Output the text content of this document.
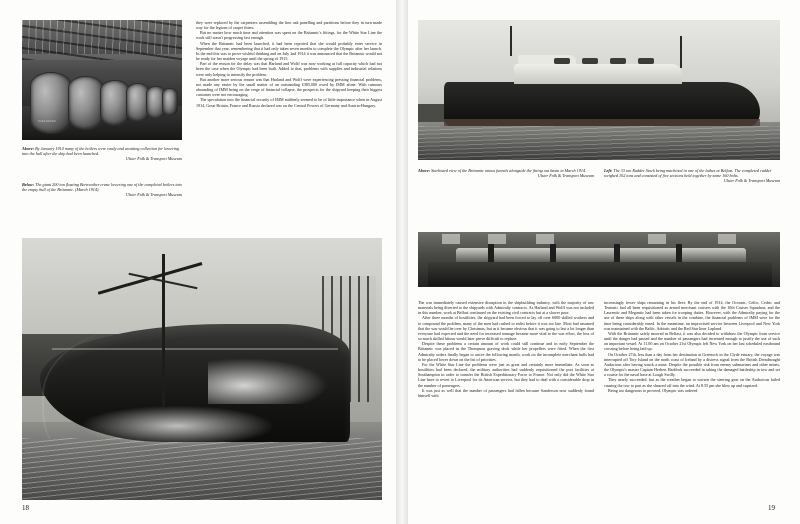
HARLAND&W
Above: By January 1914 many of the boilers were ready and awaiting collection for lowering into the hull after the ship had been launched.
Ulster Folk & Transport Museum
Below: The giant 200 ton floating Bertreather crane lowering one of the completed boilers into the empty hull of the Britannic. (March 1914).
Ulster Folk & Transport Museum

they were replaced by the carpenters assembling the fine oak panelling and partitions before they in turn made way for the legions of carpet fitters.

But no matter how much time and attention was spent on the Britannic's fittings, for the White Star Line the work still wasn't progressing fast enough.

When the Britannic had been launched, it had been reported that she would probably enter service in September that year, remembering that it had only taken seven months to complete the Olympic after her launch. In the end this was to prove wishful thinking and on July 2nd 1914 it was announced that the Britannic would not be ready for her maiden voyage until the spring of 1915.

Part of the reason for the delay was that Harland and Wolff was now working at full capacity which had not been the case when the Olympic had been built. Added to that, problems with supplies and industrial relations were only helping to intensify the problem.

But another more serious reason was that Harland and Wolff were experiencing pressing financial problems, not made any easier by the small matter of an outstanding £385,000 owed by IMM alone. With rumours abounding of IMM being on the verge of financial collapse, the prospects for the shipyard keeping their biggest customer were not encouraging.

The speculation into the financial security of IMM suddenly seemed to be of little importance when in August 1914, Great Britain, France and Russia declared war on the Central Powers of Germany and Austria-Hungary.

18
Above: Starboard view of the Britannic minus funnels alongside the fitting out basin in March 1914.
Ulster Folk & Transport Museum
Left: The 33 ton Rudder Stock being machined in one of the lathes at Belfast. The completed rudder weighed 102 tons and consisted of five sections held together by some 160 bolts.
Ulster Folk & Transport Museum

The war immediately caused extensive disruption in the shipbuilding industry, with the majority of raw materials being diverted to the shipyards with Admiralty contracts. As Harland and Wolff was not included in this number, work at Belfast continued on the existing civil contracts but at a slower pace.

After three months of hostilities, the shipyard had been forced to lay off over 6000 skilled workers and to compound the problem, many of the men had rushed to enlist before it was too late. Most had assumed that the war would be over by Christmas, but as it became obvious that it was going to last a lot longer than everyone had expected and the need for increased tonnage became more vital to the war effort, the loss of so much skilled labour would later prove difficult to replace.

Despite these problems a certain amount of work could still continue and in early September the Britannic was placed in the Thompson graving dock while her propellers were fitted. When the first Admiralty orders finally began to arrive the following month, work on the incomplete merchant hulls had to be placed lower down on the list of priorities.

For the White Star Line the problems were just as great and certainly more immediate. As soon as hostilities had been declared, the military authorities had suddenly requisitioned the port facilities at Southampton in order to transfer the British Expeditionary Force to France. Not only did the White Star Line have to revert to Liverpool for its American service, but they had to deal with a considerable drop in the number of passengers.

It was just as well that the number of passengers had fallen because Sanderson now suddenly found himself with

increasingly fewer ships remaining in his fleet. By the end of 1914, the Oceanic, Celtic, Cedric and Teutonic had all been requisitioned as armed merchant cruisers with the 10th Cruiser Squadron, and the Laurentic and Megantic had been taken for trooping duties. However, with the Admiralty paying for the use of these ships along with other vessels in the combine, the financial problems of IMM were for the time being considerably eased. In the meantime, an improvised service between Liverpool and New York was maintained with the Baltic, Adriatic and the Red Star liner Lapland.

With the Britannic safely moored in Belfast, it was also decided to withdraw the Olympic from service until the danger had passed and the number of passengers had increased enough to justify the use of such an important vessel. At 11.00 am on October 21st Olympic left New York on her last scheduled eastbound crossing before being laid up.

On October 27th, less than a day from her destination at Greenock in the Clyde estuary, the voyage was interrupted off Tory Island on the north coast of Ireland by a distress signal from the British Dreadnought Audacious after having struck a mine. Despite the possible risk from enemy submarines and other mines, the Olympic's master Captain Herbert Haddock succeeded in taking the damaged battleship in tow and set a course for the naval base at Lough Swilly.

They nearly succeeded, but as the weather began to worsen the steering gear on the Audacious failed causing the tow to part as she sheared off into the wind. At 8.55 pm she blew up and capsized.

Being too dangerous to proceed, Olympic was ordered

19
